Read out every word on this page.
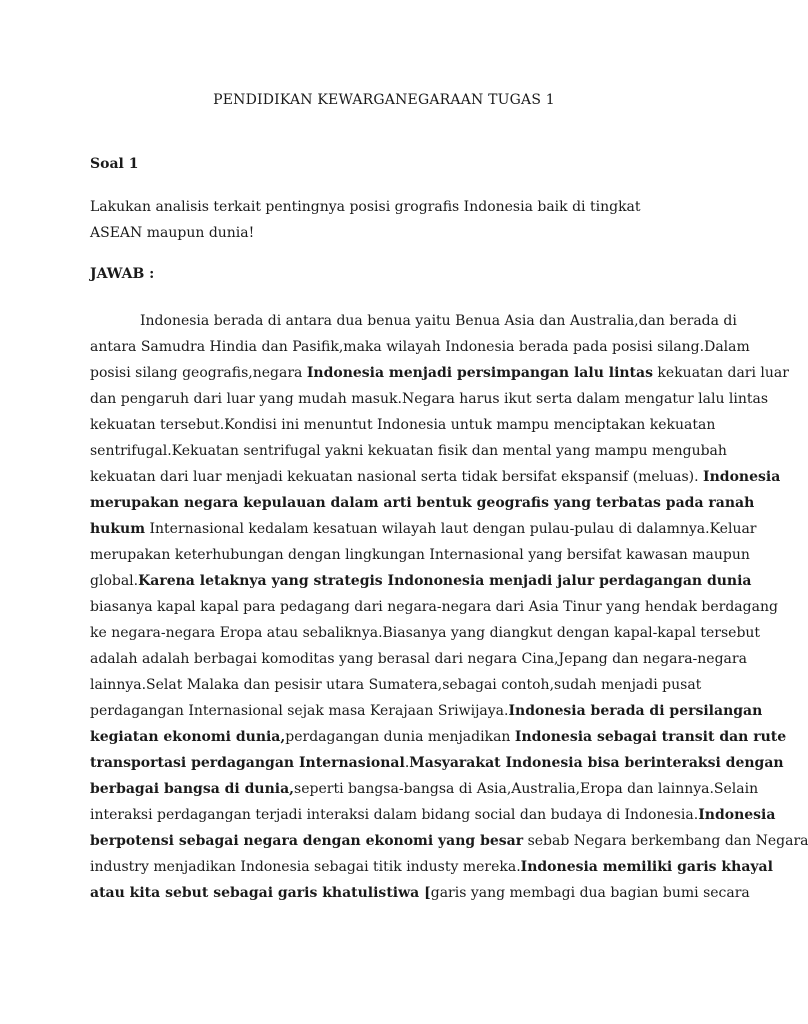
PENDIDIKAN KEWARGANEGARAAN TUGAS 1
Soal 1
Lakukan analisis terkait pentingnya posisi grografis Indonesia baik di tingkat ASEAN maupun dunia!
JAWAB :
Indonesia berada di antara dua benua yaitu Benua Asia dan Australia,dan berada di
antara Samudra Hindia dan Pasifik,maka wilayah Indonesia berada pada posisi silang.Dalam
posisi silang geografis,negara Indonesia menjadi persimpangan lalu lintas kekuatan dari luar
dan pengaruh dari luar yang mudah masuk.Negara harus ikut serta dalam mengatur lalu lintas
kekuatan tersebut.Kondisi ini menuntut Indonesia untuk mampu menciptakan kekuatan
sentrifugal.Kekuatan sentrifugal yakni kekuatan fisik dan mental yang mampu mengubah
kekuatan dari luar menjadi kekuatan nasional serta tidak bersifat ekspansif (meluas). Indonesia
merupakan negara kepulauan dalam arti bentuk geografis yang terbatas pada ranah
hukum Internasional kedalam kesatuan wilayah laut dengan pulau-pulau di dalamnya.Keluar
merupakan keterhubungan dengan lingkungan Internasional yang bersifat kawasan maupun
global.Karena letaknya yang strategis Indononesia menjadi jalur perdagangan dunia
biasanya kapal kapal para pedagang dari negara-negara dari Asia Tinur yang hendak berdagang
ke negara-negara Eropa atau sebaliknya.Biasanya yang diangkut dengan kapal-kapal tersebut
adalah adalah berbagai komoditas yang berasal dari negara Cina,Jepang dan negara-negara
lainnya.Selat Malaka dan pesisir utara Sumatera,sebagai contoh,sudah menjadi pusat
perdagangan Internasional sejak masa Kerajaan Sriwijaya.Indonesia berada di persilangan
kegiatan ekonomi dunia,perdagangan dunia menjadikan Indonesia sebagai transit dan rute
transportasi perdagangan Internasional.Masyarakat Indonesia bisa berinteraksi dengan
berbagai bangsa di dunia,seperti bangsa-bangsa di Asia,Australia,Eropa dan lainnya.Selain
interaksi perdagangan terjadi interaksi dalam bidang social dan budaya di Indonesia.Indonesia
berpotensi sebagai negara dengan ekonomi yang besar sebab Negara berkembang dan Negara
industry menjadikan Indonesia sebagai titik industy mereka.Indonesia memiliki garis khayal
atau kita sebut sebagai garis khatulistiwa [garis yang membagi dua bagian bumi secara
